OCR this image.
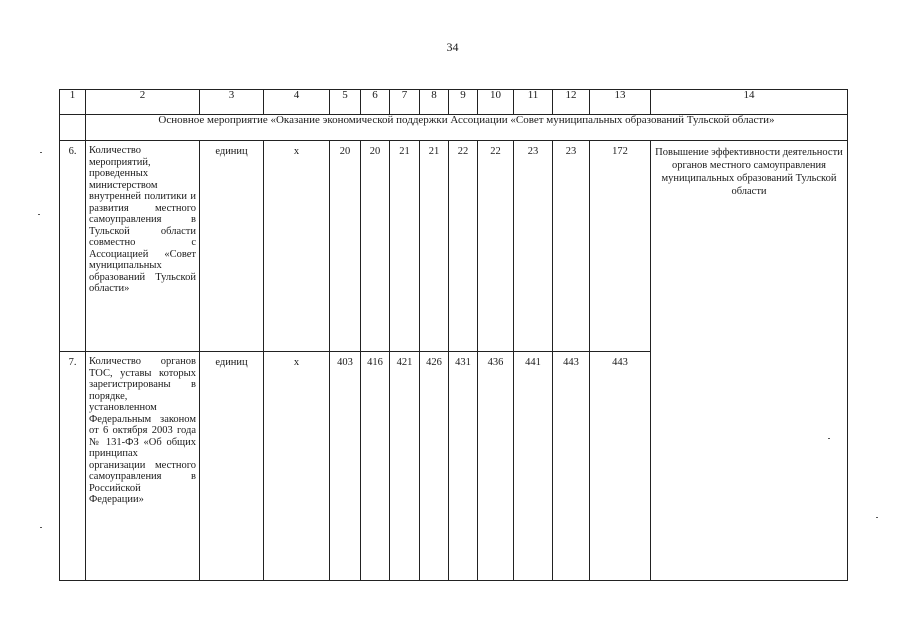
34
1	2	3	4	5	6	7	8	9	10	11	12	13	14
	Основное мероприятие «Оказание экономической поддержки Ассоциации «Совет муниципальных образований Тульской области»												
6.	Количество мероприятий, проведенных министерством внутренней политики и развития местного самоуправления в Тульской области совместно с Ассоциацией «Совет муниципальных образований Тульской области»	единиц	х	20	20	21	21	22	22	23	23	172	Повышение эффективности деятельности органов местного самоуправления муниципальных образований Тульской области
7.	Количество органов ТОС, уставы которых зарегистрированы в порядке, установленном Федеральным законом от 6 октября 2003 года № 131-ФЗ «Об общих принципах организации местного самоуправления в Российской Федерации»	единиц	х	403	416	421	426	431	436	441	443	443	
